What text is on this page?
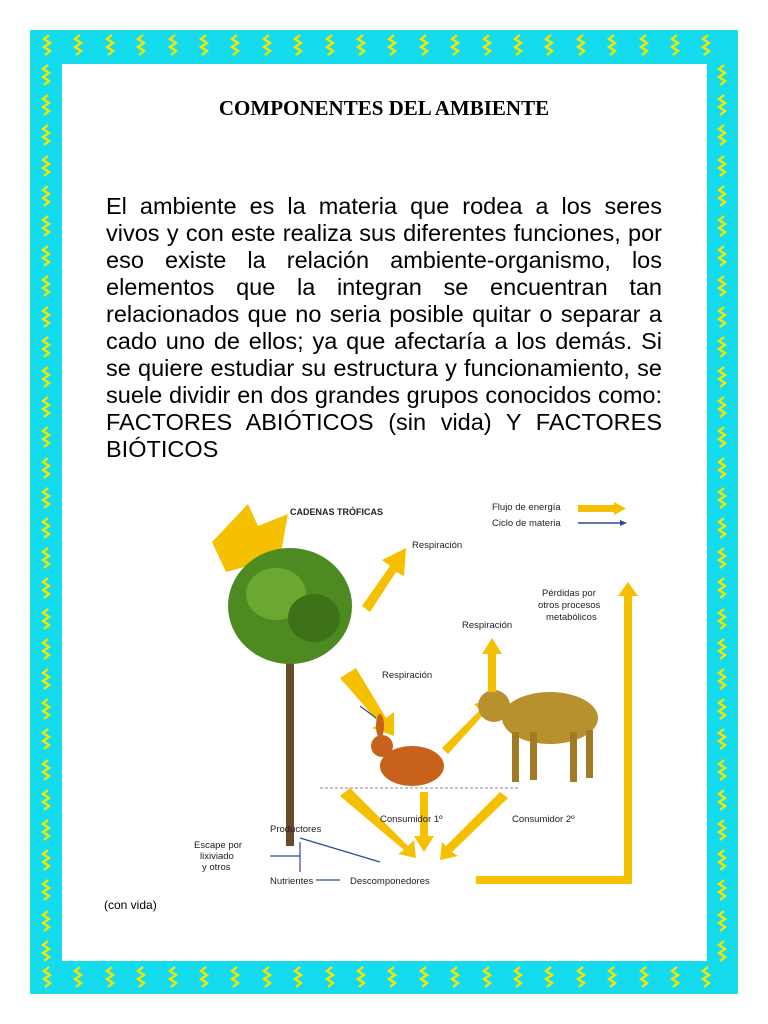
COMPONENTES DEL AMBIENTE
El ambiente es la materia que rodea a los seres vivos y con este realiza sus diferentes funciones, por eso existe la relación ambiente-organismo, los elementos que la integran se encuentran tan relacionados que no seria posible quitar o separar a cado uno de ellos; ya que afectaría a los demás. Si se quiere estudiar su estructura y funcionamiento, se suele dividir en dos grandes grupos conocidos como: FACTORES ABIÓTICOS (sin vida) Y FACTORES BIÓTICOS
CADENAS TRÓFICAS	Flujo de energía
Ciclo de materia
Respiración
Respiración
Respiración
Pérdidas por
otros procesos
metabólicos
Productores
Consumidor 1º	Consumidor 2º
Escape por
lixiviado
y otros
Nutrientes	Descomponedores
(con vida)
